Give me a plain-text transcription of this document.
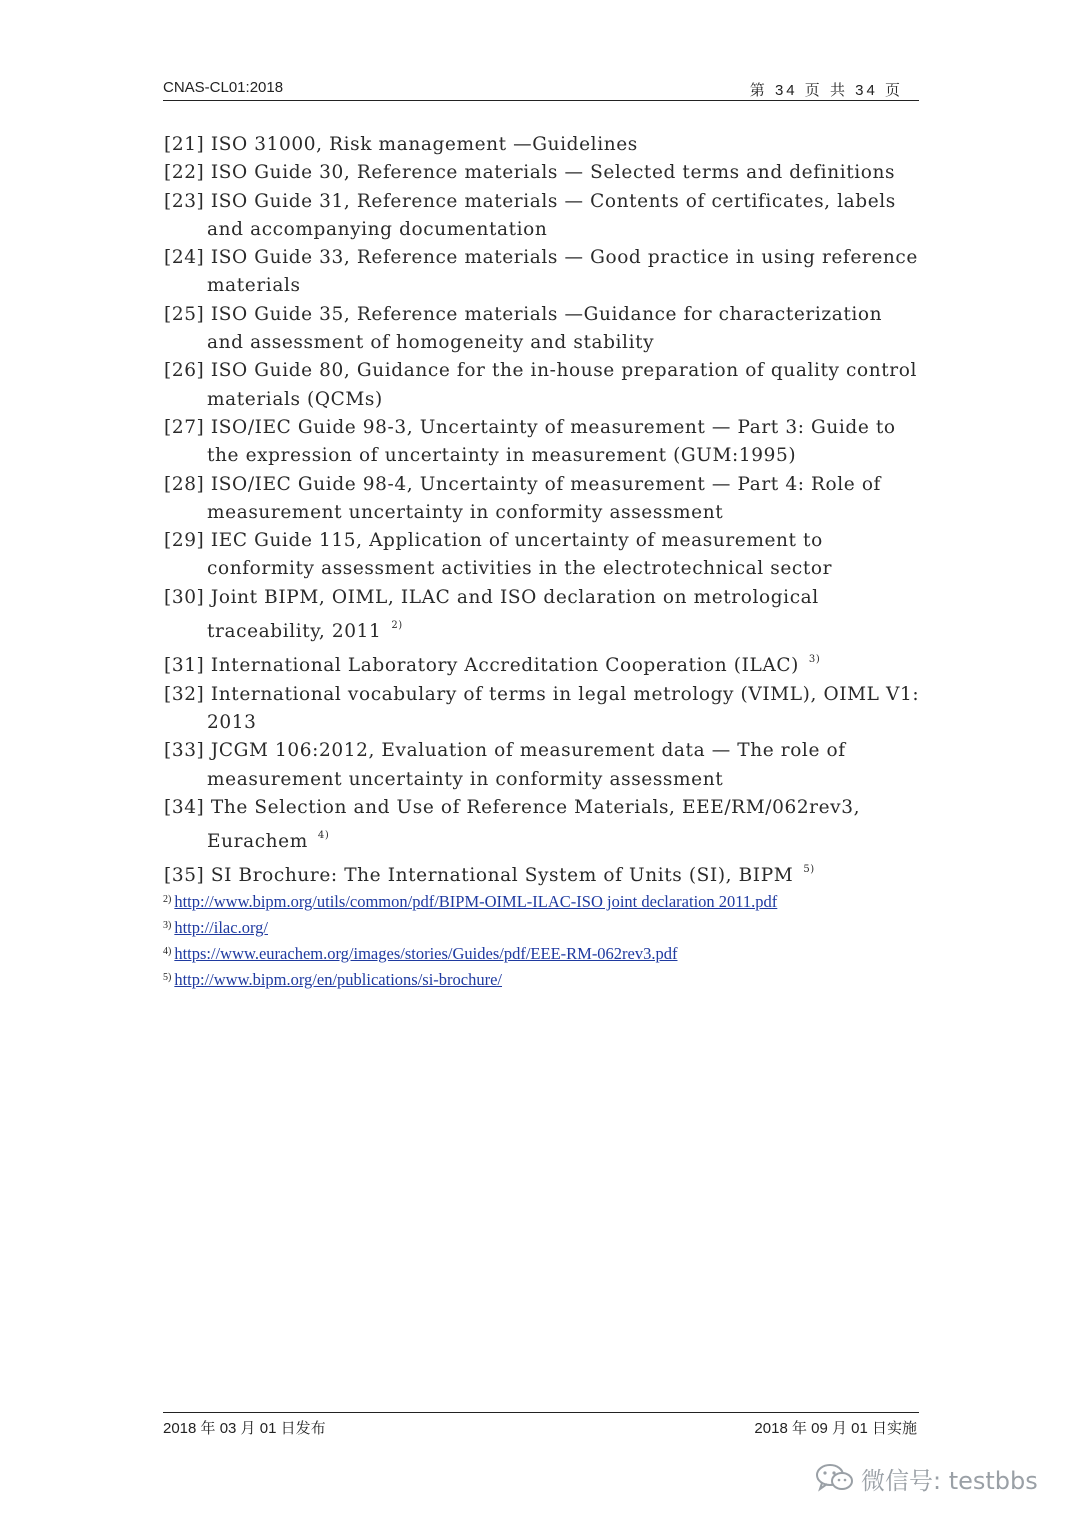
CNAS-CL01:2018	第 34 页 共 34 页
[21] ISO 31000, Risk management —Guidelines
[22] ISO Guide 30, Reference materials — Selected terms and definitions
[23] ISO Guide 31, Reference materials — Contents of certificates, labels and accompanying documentation
[24] ISO Guide 33, Reference materials — Good practice in using reference materials
[25] ISO Guide 35, Reference materials —Guidance for characterization and assessment of homogeneity and stability
[26] ISO Guide 80, Guidance for the in-house preparation of quality control materials (QCMs)
[27] ISO/IEC Guide 98-3, Uncertainty of measurement — Part 3: Guide to the expression of uncertainty in measurement (GUM:1995)
[28] ISO/IEC Guide 98-4, Uncertainty of measurement — Part 4: Role of measurement uncertainty in conformity assessment
[29] IEC Guide 115, Application of uncertainty of measurement to conformity assessment activities in the electrotechnical sector
[30] Joint BIPM, OIML, ILAC and ISO declaration on metrological traceability, 2011 $^{2)}$
[31] International Laboratory Accreditation Cooperation (ILAC) $^{3)}$
[32] International vocabulary of terms in legal metrology (VIML), OIML V1: 2013
[33] JCGM 106:2012, Evaluation of measurement data — The role of measurement uncertainty in conformity assessment
[34] The Selection and Use of Reference Materials, EEE/RM/062rev3, Eurachem $^{4)}$
[35] SI Brochure: The International System of Units (SI), BIPM $^{5)}$
$^{2)}$ http://www.bipm.org/utils/common/pdf/BIPM-OIML-ILAC-ISO joint declaration 2011.pdf
$^{3)}$ http://ilac.org/
$^{4)}$ https://www.eurachem.org/images/stories/Guides/pdf/EEE-RM-062rev3.pdf
$^{5)}$ http://www.bipm.org/en/publications/si-brochure/
2018 年 03 月 01 日发布	2018 年 09 月 01 日实施
微信号: testbbs
